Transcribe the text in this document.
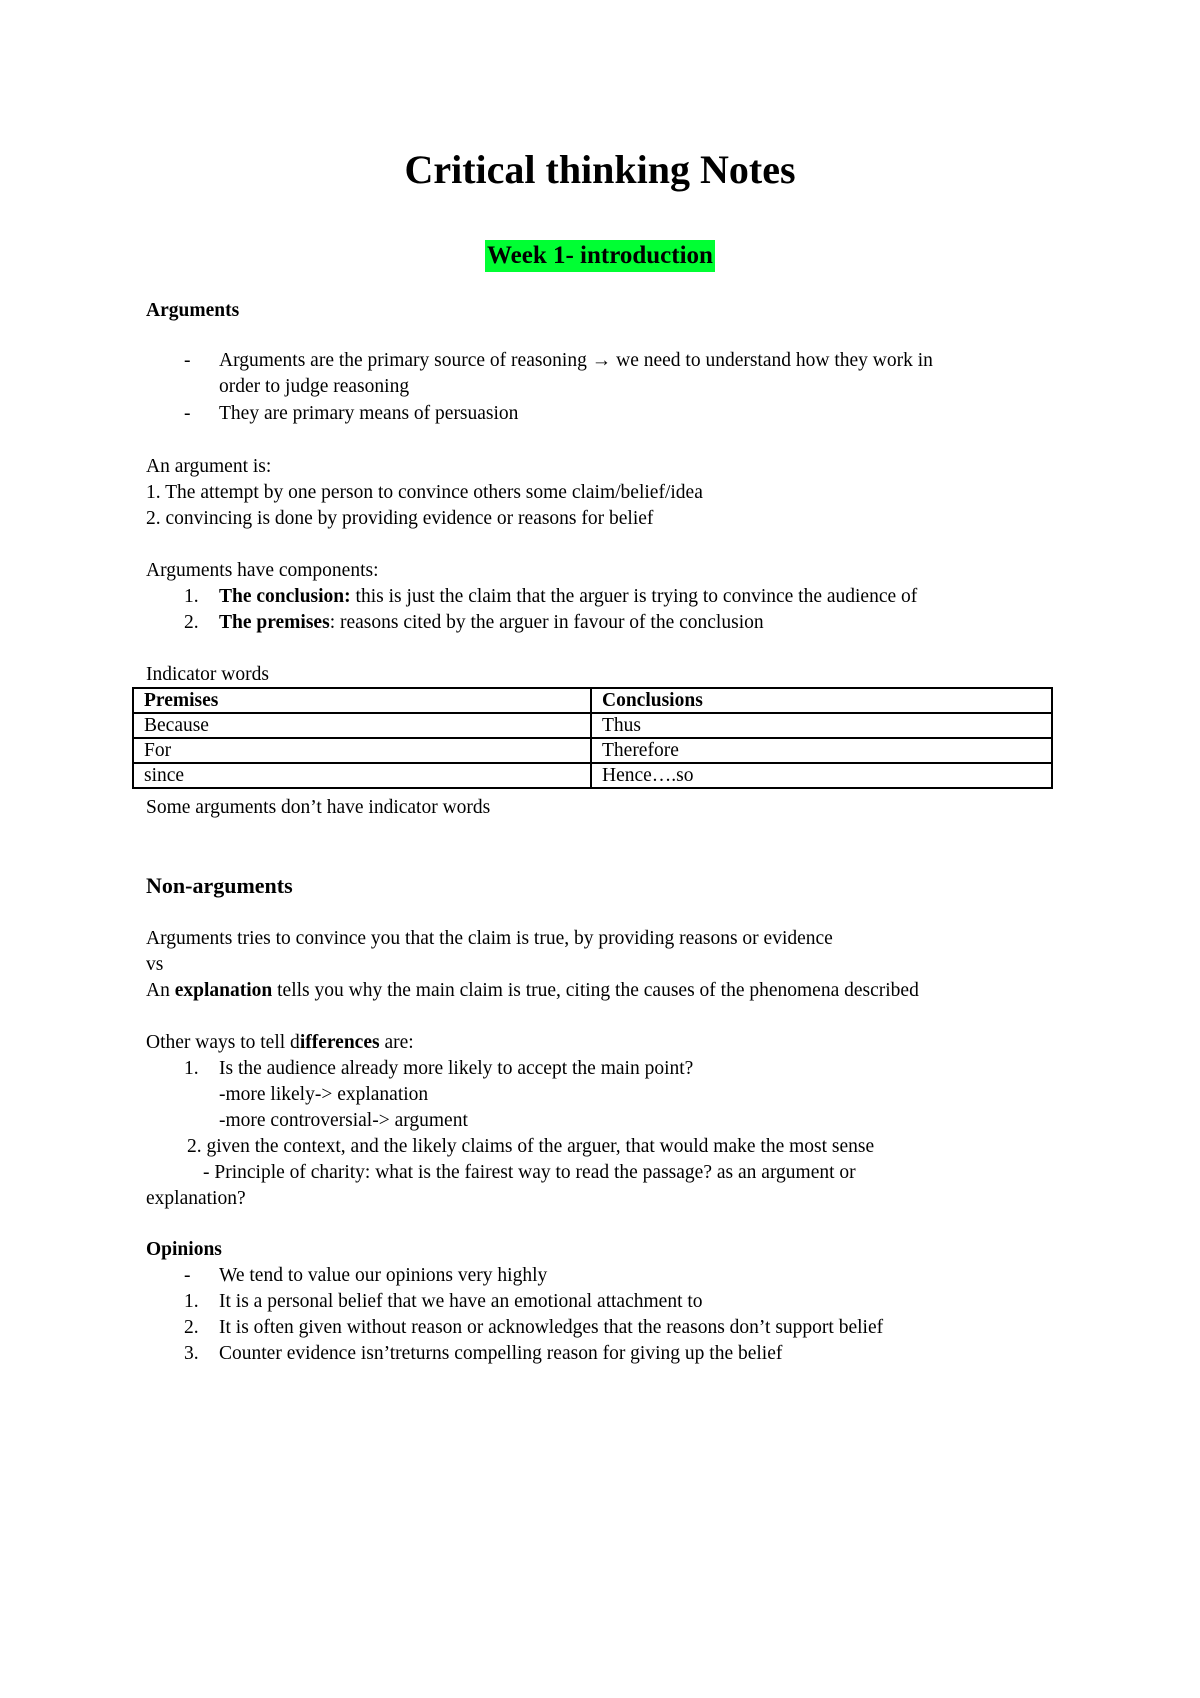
Critical thinking Notes
Week 1- introduction
Arguments
- Arguments are the primary source of reasoning → we need to understand how they work in
order to judge reasoning
- They are primary means of persuasion
An argument is:
1. The attempt by one person to convince others some claim/belief/idea
2. convincing is done by providing evidence or reasons for belief
Arguments have components:
1. The conclusion: this is just the claim that the arguer is trying to convince the audience of
2. The premises: reasons cited by the arguer in favour of the conclusion
Indicator words
Premises	Conclusions
Because	Thus
For	Therefore
since	Hence….so
Some arguments don’t have indicator words
Non-arguments
Arguments tries to convince you that the claim is true, by providing reasons or evidence
vs
An explanation tells you why the main claim is true, citing the causes of the phenomena described
Other ways to tell differences are:
1. Is the audience already more likely to accept the main point?
-more likely-> explanation
-more controversial-> argument
2. given the context, and the likely claims of the arguer, that would make the most sense
- Principle of charity: what is the fairest way to read the passage? as an argument or
explanation?
Opinions
- We tend to value our opinions very highly
1. It is a personal belief that we have an emotional attachment to
2. It is often given without reason or acknowledges that the reasons don’t support belief
3. Counter evidence isn’treturns compelling reason for giving up the belief
